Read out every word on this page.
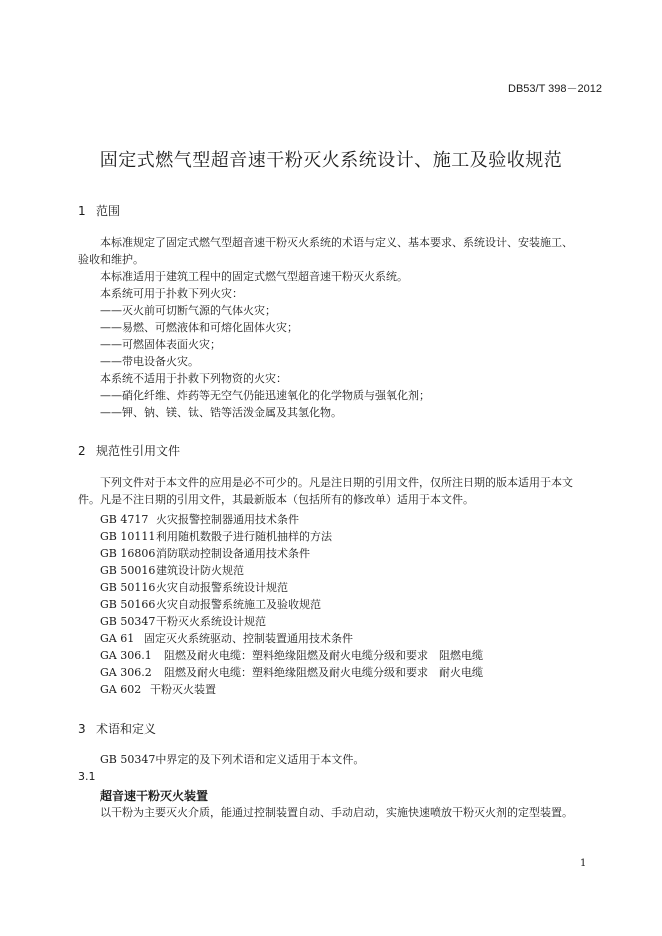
DB53/T 398－2012
固定式燃气型超音速干粉灭火系统设计、施工及验收规范
1 范围
本标准规定了固定式燃气型超音速干粉灭火系统的术语与定义、基本要求、系统设计、安装施工、
验收和维护。
本标准适用于建筑工程中的固定式燃气型超音速干粉灭火系统。
本系统可用于扑救下列火灾：
——灭火前可切断气源的气体火灾；
——易燃、可燃液体和可熔化固体火灾；
——可燃固体表面火灾；
——带电设备火灾。
本系统不适用于扑救下列物资的火灾：
——硝化纤维、炸药等无空气仍能迅速氧化的化学物质与强氧化剂；
——钾、钠、镁、钛、锆等活泼金属及其氢化物。
2 规范性引用文件
下列文件对于本文件的应用是必不可少的。凡是注日期的引用文件，仅所注日期的版本适用于本文
件。凡是不注日期的引用文件，其最新版本（包括所有的修改单）适用于本文件。
GB 4717 火灾报警控制器通用技术条件
GB 10111利用随机数骰子进行随机抽样的方法
GB 16806消防联动控制设备通用技术条件
GB 50016建筑设计防火规范
GB 50116火灾自动报警系统设计规范
GB 50166火灾自动报警系统施工及验收规范
GB 50347干粉灭火系统设计规范
GA 61 固定灭火系统驱动、控制装置通用技术条件
GA 306.1 阻燃及耐火电缆：塑料绝缘阻燃及耐火电缆分级和要求　阻燃电缆
GA 306.2 阻燃及耐火电缆：塑料绝缘阻燃及耐火电缆分级和要求　耐火电缆
GA 602 干粉灭火装置
3 术语和定义
GB 50347中界定的及下列术语和定义适用于本文件。
3.1
超音速干粉灭火装置
以干粉为主要灭火介质，能通过控制装置自动、手动启动，实施快速喷放干粉灭火剂的定型装置。
1
